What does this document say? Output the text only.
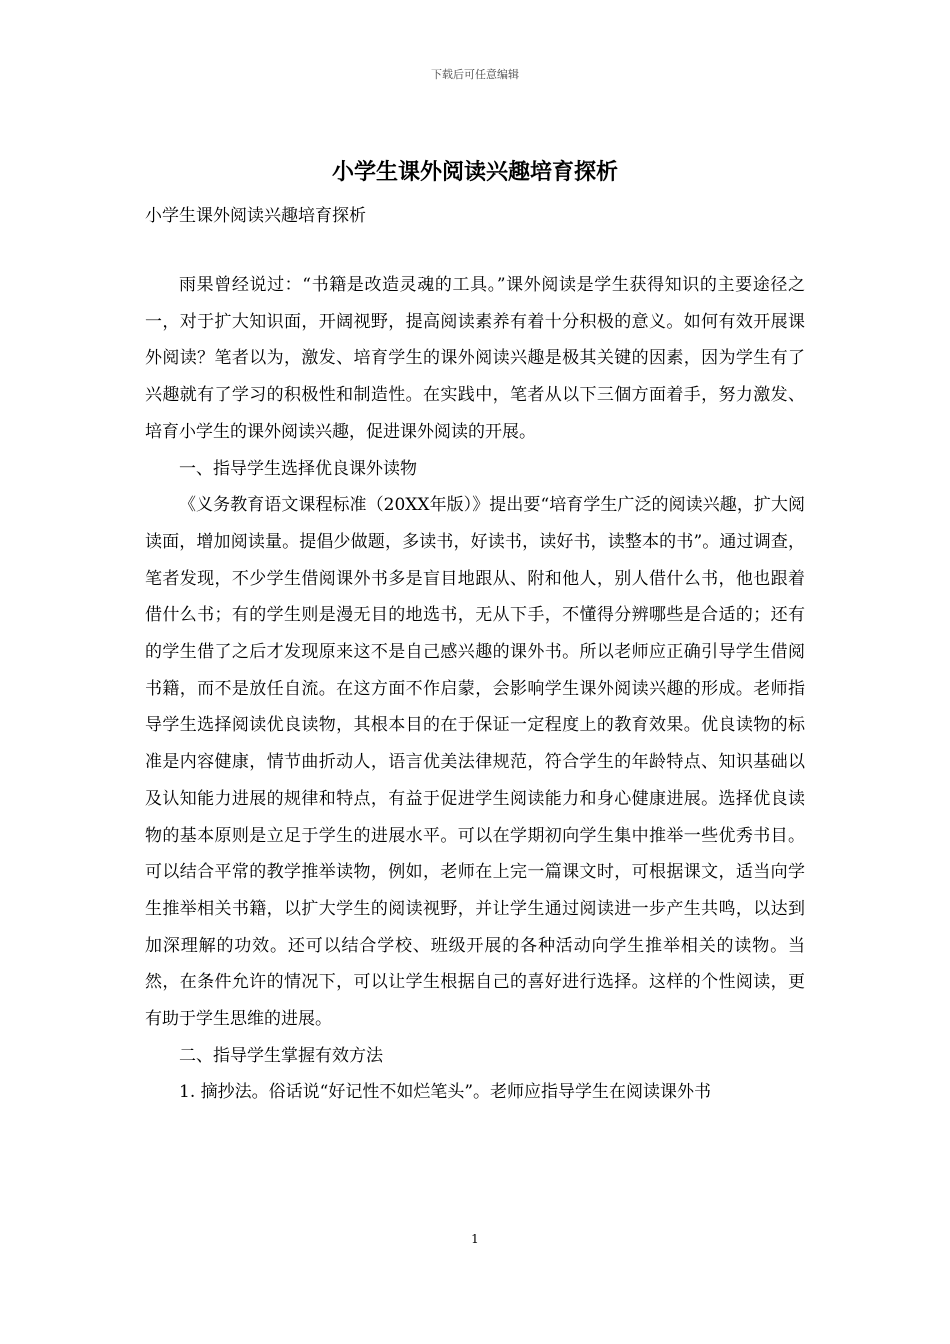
下载后可任意编辑
小学生课外阅读兴趣培育探析
小学生课外阅读兴趣培育探析

雨果曾经说过：“书籍是改造灵魂的工具。”课外阅读是学生获得知识的主要途径之一，对于扩大知识面，开阔视野，提高阅读素养有着十分积极的意义。如何有效开展课外阅读？笔者以为，激发、培育学生的课外阅读兴趣是极其关键的因素，因为学生有了兴趣就有了学习的积极性和制造性。在实践中，笔者从以下三個方面着手，努力激发、培育小学生的课外阅读兴趣，促进课外阅读的开展。

一、指导学生选择优良课外读物

《义务教育语文课程标准（20XX年版）》提出要“培育学生广泛的阅读兴趣，扩大阅读面，增加阅读量。提倡少做题，多读书，好读书，读好书，读整本的书”。通过调查，笔者发现，不少学生借阅课外书多是盲目地跟从、附和他人，别人借什么书，他也跟着借什么书；有的学生则是漫无目的地选书，无从下手，不懂得分辨哪些是合适的；还有的学生借了之后才发现原来这不是自己感兴趣的课外书。所以老师应正确引导学生借阅书籍，而不是放任自流。在这方面不作启蒙，会影响学生课外阅读兴趣的形成。老师指导学生选择阅读优良读物，其根本目的在于保证一定程度上的教育效果。优良读物的标准是内容健康，情节曲折动人，语言优美法律规范，符合学生的年龄特点、知识基础以及认知能力进展的规律和特点，有益于促进学生阅读能力和身心健康进展。选择优良读物的基本原则是立足于学生的进展水平。可以在学期初向学生集中推举一些优秀书目。可以结合平常的教学推举读物，例如，老师在上完一篇课文时，可根据课文，适当向学生推举相关书籍，以扩大学生的阅读视野，并让学生通过阅读进一步产生共鸣，以达到加深理解的功效。还可以结合学校、班级开展的各种活动向学生推举相关的读物。当然，在条件允许的情况下，可以让学生根据自己的喜好进行选择。这样的个性阅读，更有助于学生思维的进展。

二、指导学生掌握有效方法

1. 摘抄法。俗话说“好记性不如烂笔头”。老师应指导学生在阅读课外书

1
